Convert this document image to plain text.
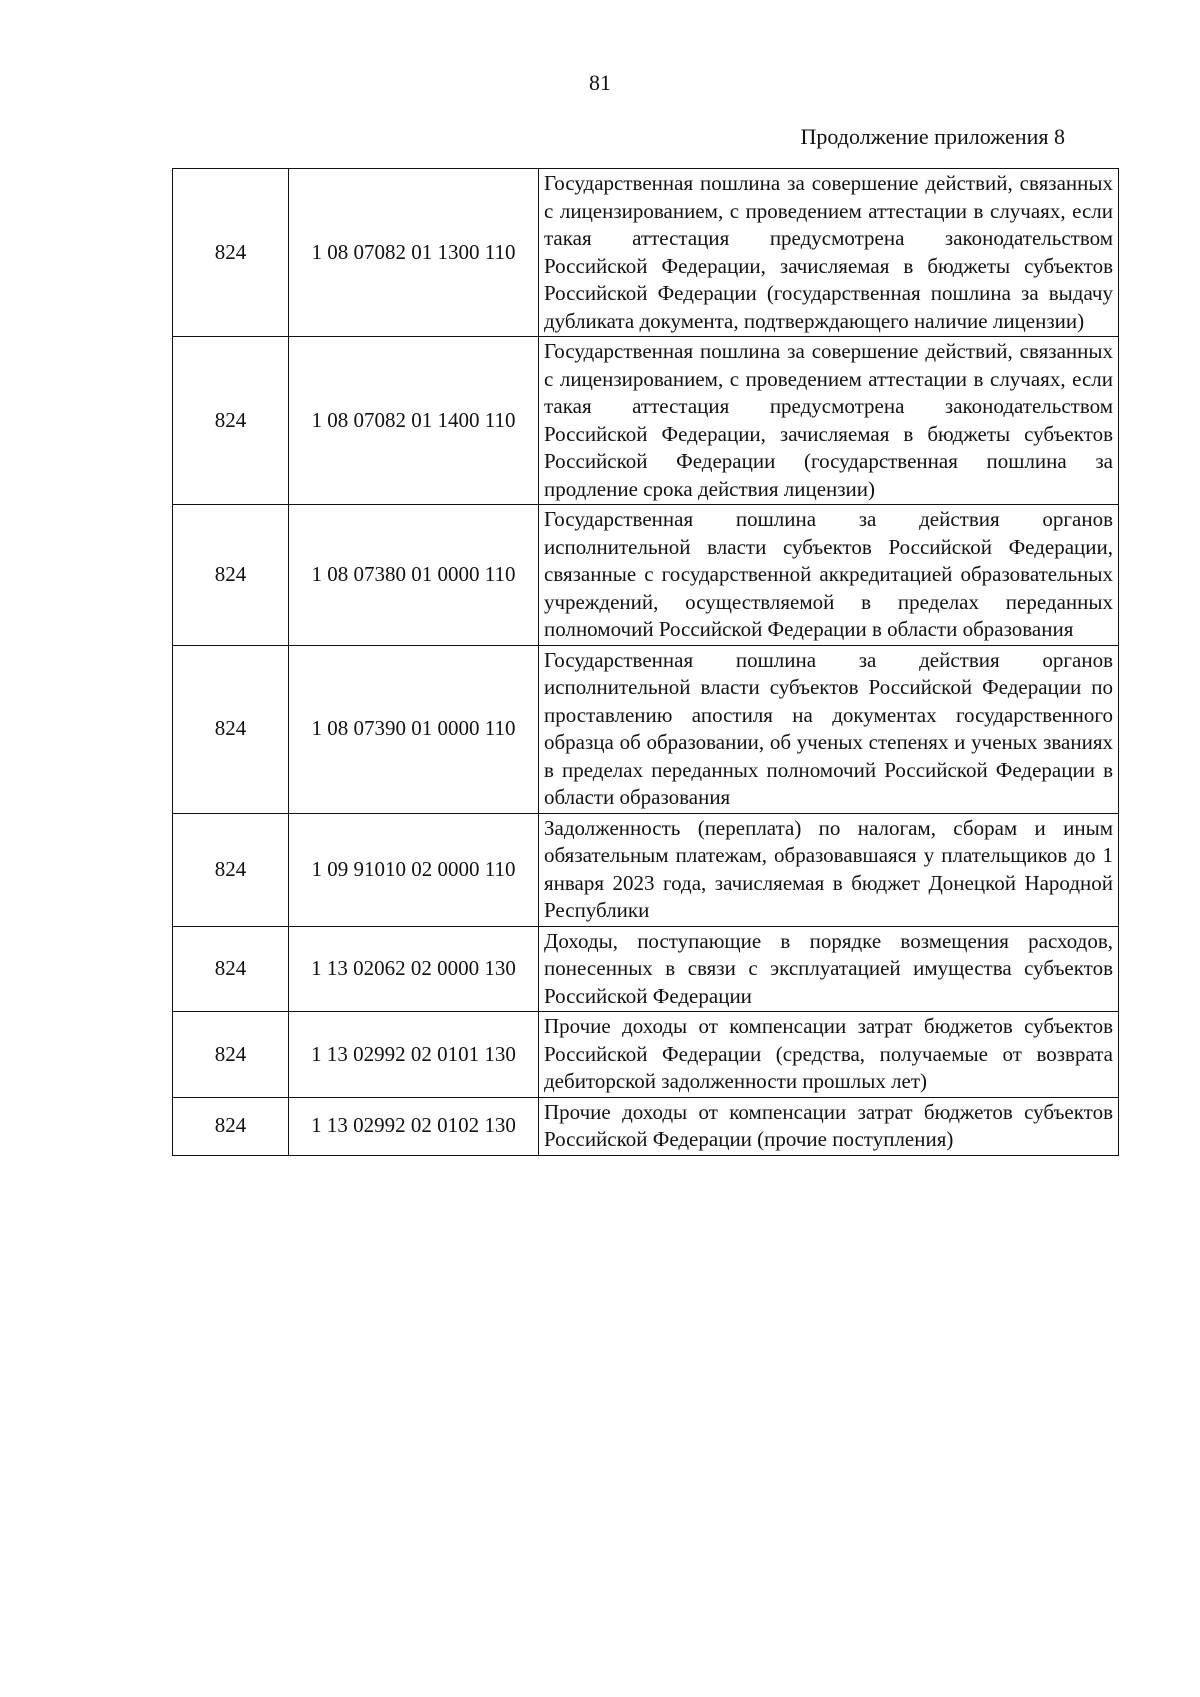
81
Продолжение приложения 8
824	1 08 07082 01 1300 110	Государственная пошлина за совершение действий, связанных с лицензированием, с проведением аттестации в случаях, если такая аттестация предусмотрена законодательством Российской Федерации, зачисляемая в бюджеты субъектов Российской Федерации (государственная пошлина за выдачу дубликата документа, подтверждающего наличие лицензии)
824	1 08 07082 01 1400 110	Государственная пошлина за совершение действий, связанных с лицензированием, с проведением аттестации в случаях, если такая аттестация предусмотрена законодательством Российской Федерации, зачисляемая в бюджеты субъектов Российской Федерации (государственная пошлина за продление срока действия лицензии)
824	1 08 07380 01 0000 110	Государственная пошлина за действия органов исполнительной власти субъектов Российской Федерации, связанные с государственной аккредитацией образовательных учреждений, осуществляемой в пределах переданных полномочий Российской Федерации в области образования
824	1 08 07390 01 0000 110	Государственная пошлина за действия органов исполнительной власти субъектов Российской Федерации по проставлению апостиля на документах государственного образца об образовании, об ученых степенях и ученых званиях в пределах переданных полномочий Российской Федерации в области образования
824	1 09 91010 02 0000 110	Задолженность (переплата) по налогам, сборам и иным обязательным платежам, образовавшаяся у плательщиков до 1 января 2023 года, зачисляемая в бюджет Донецкой Народной Республики
824	1 13 02062 02 0000 130	Доходы, поступающие в порядке возмещения расходов, понесенных в связи с эксплуатацией имущества субъектов Российской Федерации
824	1 13 02992 02 0101 130	Прочие доходы от компенсации затрат бюджетов субъектов Российской Федерации (средства, получаемые от возврата дебиторской задолженности прошлых лет)
824	1 13 02992 02 0102 130	Прочие доходы от компенсации затрат бюджетов субъектов Российской Федерации (прочие поступления)
